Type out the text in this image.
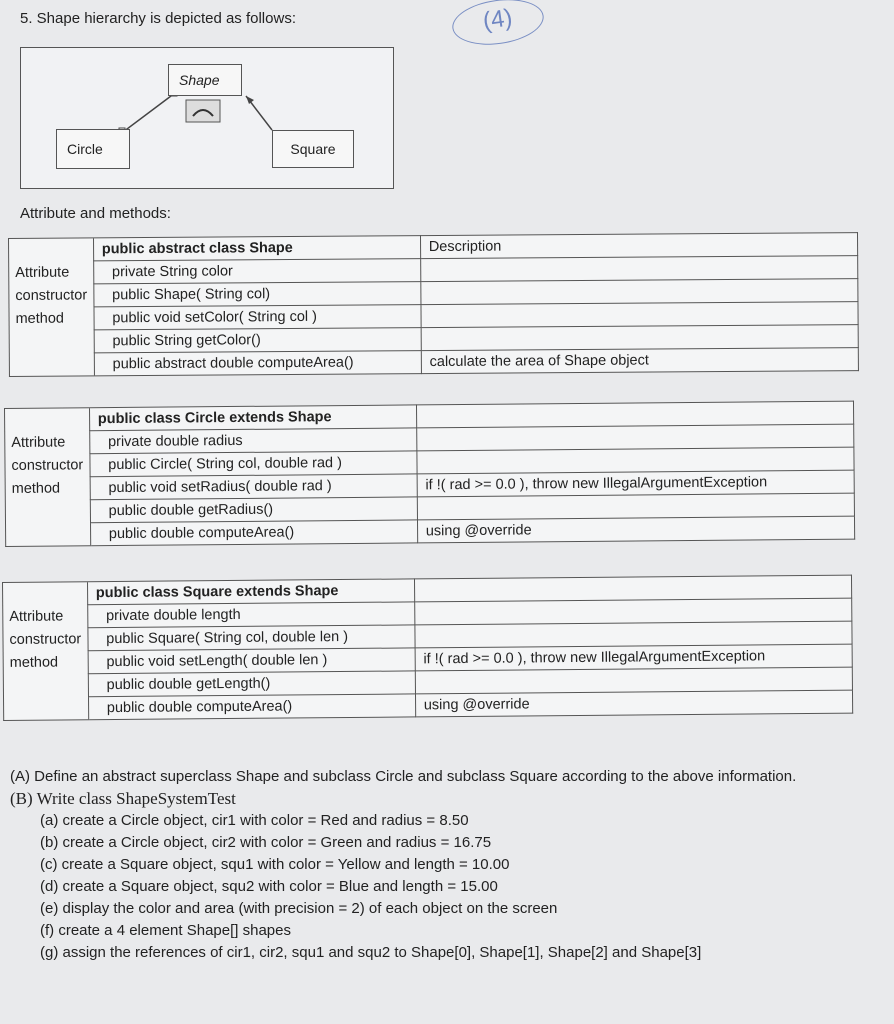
5. Shape hierarchy is depicted as follows:	(4)
Shape
Circle	Square
Attribute and methods:
	public abstract class Shape	Description
Attribute	private String color	
constructor	public Shape( String col)	
method	public void setColor( String col )	
	public String getColor()	
	public abstract double computeArea()	calculate the area of Shape object
	public class Circle extends Shape	
Attribute	private double radius	
constructor	public Circle( String col, double rad )	
method	public void setRadius( double rad )	if !( rad >= 0.0 ), throw new IllegalArgumentException
	public double getRadius()	
	public double computeArea()	using @override
	public class Square extends Shape	
Attribute	private double length	
constructor	public Square( String col, double len )	
method	public void setLength( double len )	if !( rad >= 0.0 ), throw new IllegalArgumentException
	public double getLength()	
	public double computeArea()	using @override
(A) Define an abstract superclass Shape and subclass Circle and subclass Square according to the above information.
(B) Write class ShapeSystemTest
(a) create a Circle object, cir1 with color = Red and radius = 8.50
(b) create a Circle object, cir2 with color = Green and radius = 16.75
(c) create a Square object, squ1 with color = Yellow and length = 10.00
(d) create a Square object, squ2 with color = Blue and length = 15.00
(e) display the color and area (with precision = 2) of each object on the screen
(f) create a 4 element Shape[] shapes
(g) assign the references of cir1, cir2, squ1 and squ2 to Shape[0], Shape[1], Shape[2] and Shape[3]
